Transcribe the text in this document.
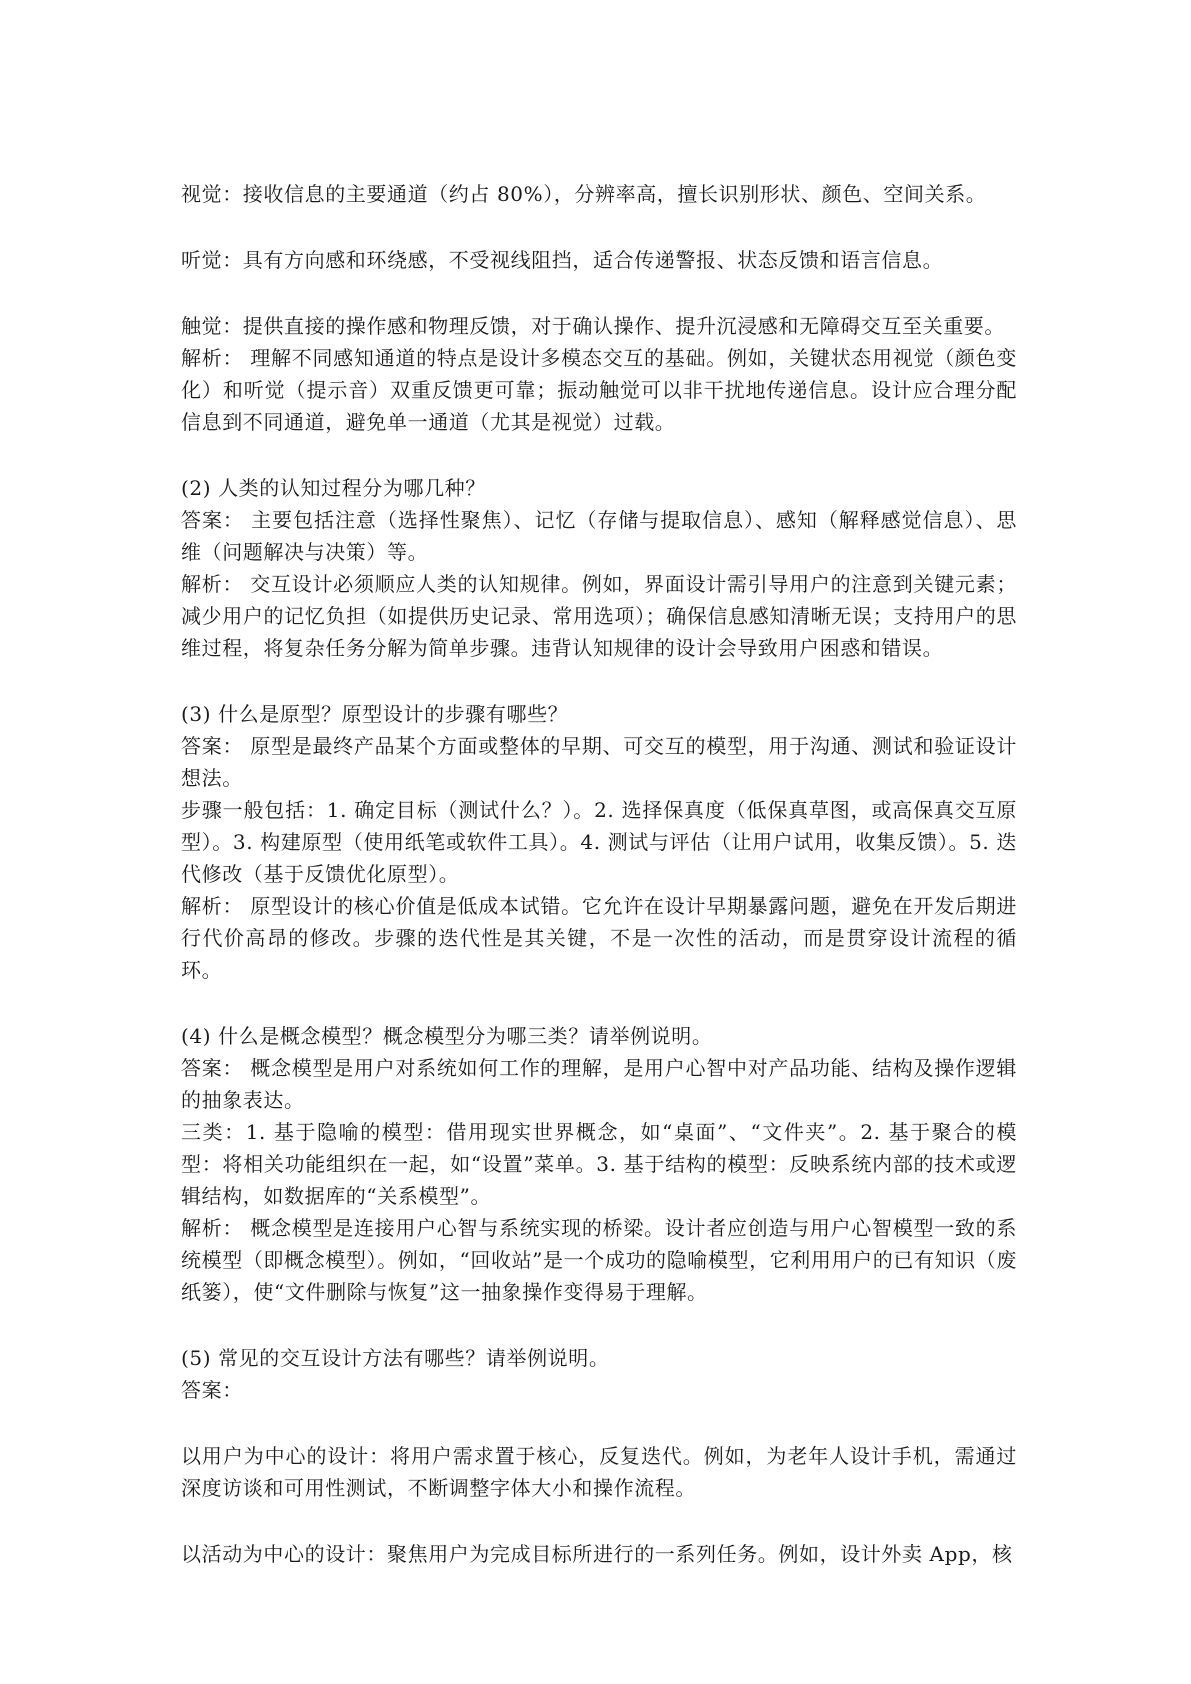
视觉：接收信息的主要通道（约占 80%），分辨率高，擅长识别形状、颜色、空间关系。

听觉：具有方向感和环绕感，不受视线阻挡，适合传递警报、状态反馈和语言信息。

触觉：提供直接的操作感和物理反馈，对于确认操作、提升沉浸感和无障碍交互至关重要。

解析： 理解不同感知通道的特点是设计多模态交互的基础。例如，关键状态用视觉（颜色变化）和听觉（提示音）双重反馈更可靠；振动触觉可以非干扰地传递信息。设计应合理分配信息到不同通道，避免单一通道（尤其是视觉）过载。

(2) 人类的认知过程分为哪几种？

答案： 主要包括注意（选择性聚焦）、记忆（存储与提取信息）、感知（解释感觉信息）、思维（问题解决与决策）等。

解析： 交互设计必须顺应人类的认知规律。例如，界面设计需引导用户的注意到关键元素；减少用户的记忆负担（如提供历史记录、常用选项）；确保信息感知清晰无误；支持用户的思维过程，将复杂任务分解为简单步骤。违背认知规律的设计会导致用户困惑和错误。

(3) 什么是原型？原型设计的步骤有哪些？

答案： 原型是最终产品某个方面或整体的早期、可交互的模型，用于沟通、测试和验证设计想法。

步骤一般包括：1. 确定目标（测试什么？）。2. 选择保真度（低保真草图，或高保真交互原型）。3. 构建原型（使用纸笔或软件工具）。4. 测试与评估（让用户试用，收集反馈）。5. 迭代修改（基于反馈优化原型）。

解析： 原型设计的核心价值是低成本试错。它允许在设计早期暴露问题，避免在开发后期进行代价高昂的修改。步骤的迭代性是其关键，不是一次性的活动，而是贯穿设计流程的循环。

(4) 什么是概念模型？概念模型分为哪三类？请举例说明。

答案： 概念模型是用户对系统如何工作的理解，是用户心智中对产品功能、结构及操作逻辑的抽象表达。

三类：1. 基于隐喻的模型：借用现实世界概念，如“桌面”、“文件夹”。2. 基于聚合的模型：将相关功能组织在一起，如“设置”菜单。3. 基于结构的模型：反映系统内部的技术或逻辑结构，如数据库的“关系模型”。

解析： 概念模型是连接用户心智与系统实现的桥梁。设计者应创造与用户心智模型一致的系统模型（即概念模型）。例如，“回收站”是一个成功的隐喻模型，它利用用户的已有知识（废纸篓），使“文件删除与恢复”这一抽象操作变得易于理解。

(5) 常见的交互设计方法有哪些？请举例说明。

答案：

以用户为中心的设计：将用户需求置于核心，反复迭代。例如，为老年人设计手机，需通过深度访谈和可用性测试，不断调整字体大小和操作流程。

以活动为中心的设计：聚焦用户为完成目标所进行的一系列任务。例如，设计外卖 App，核
